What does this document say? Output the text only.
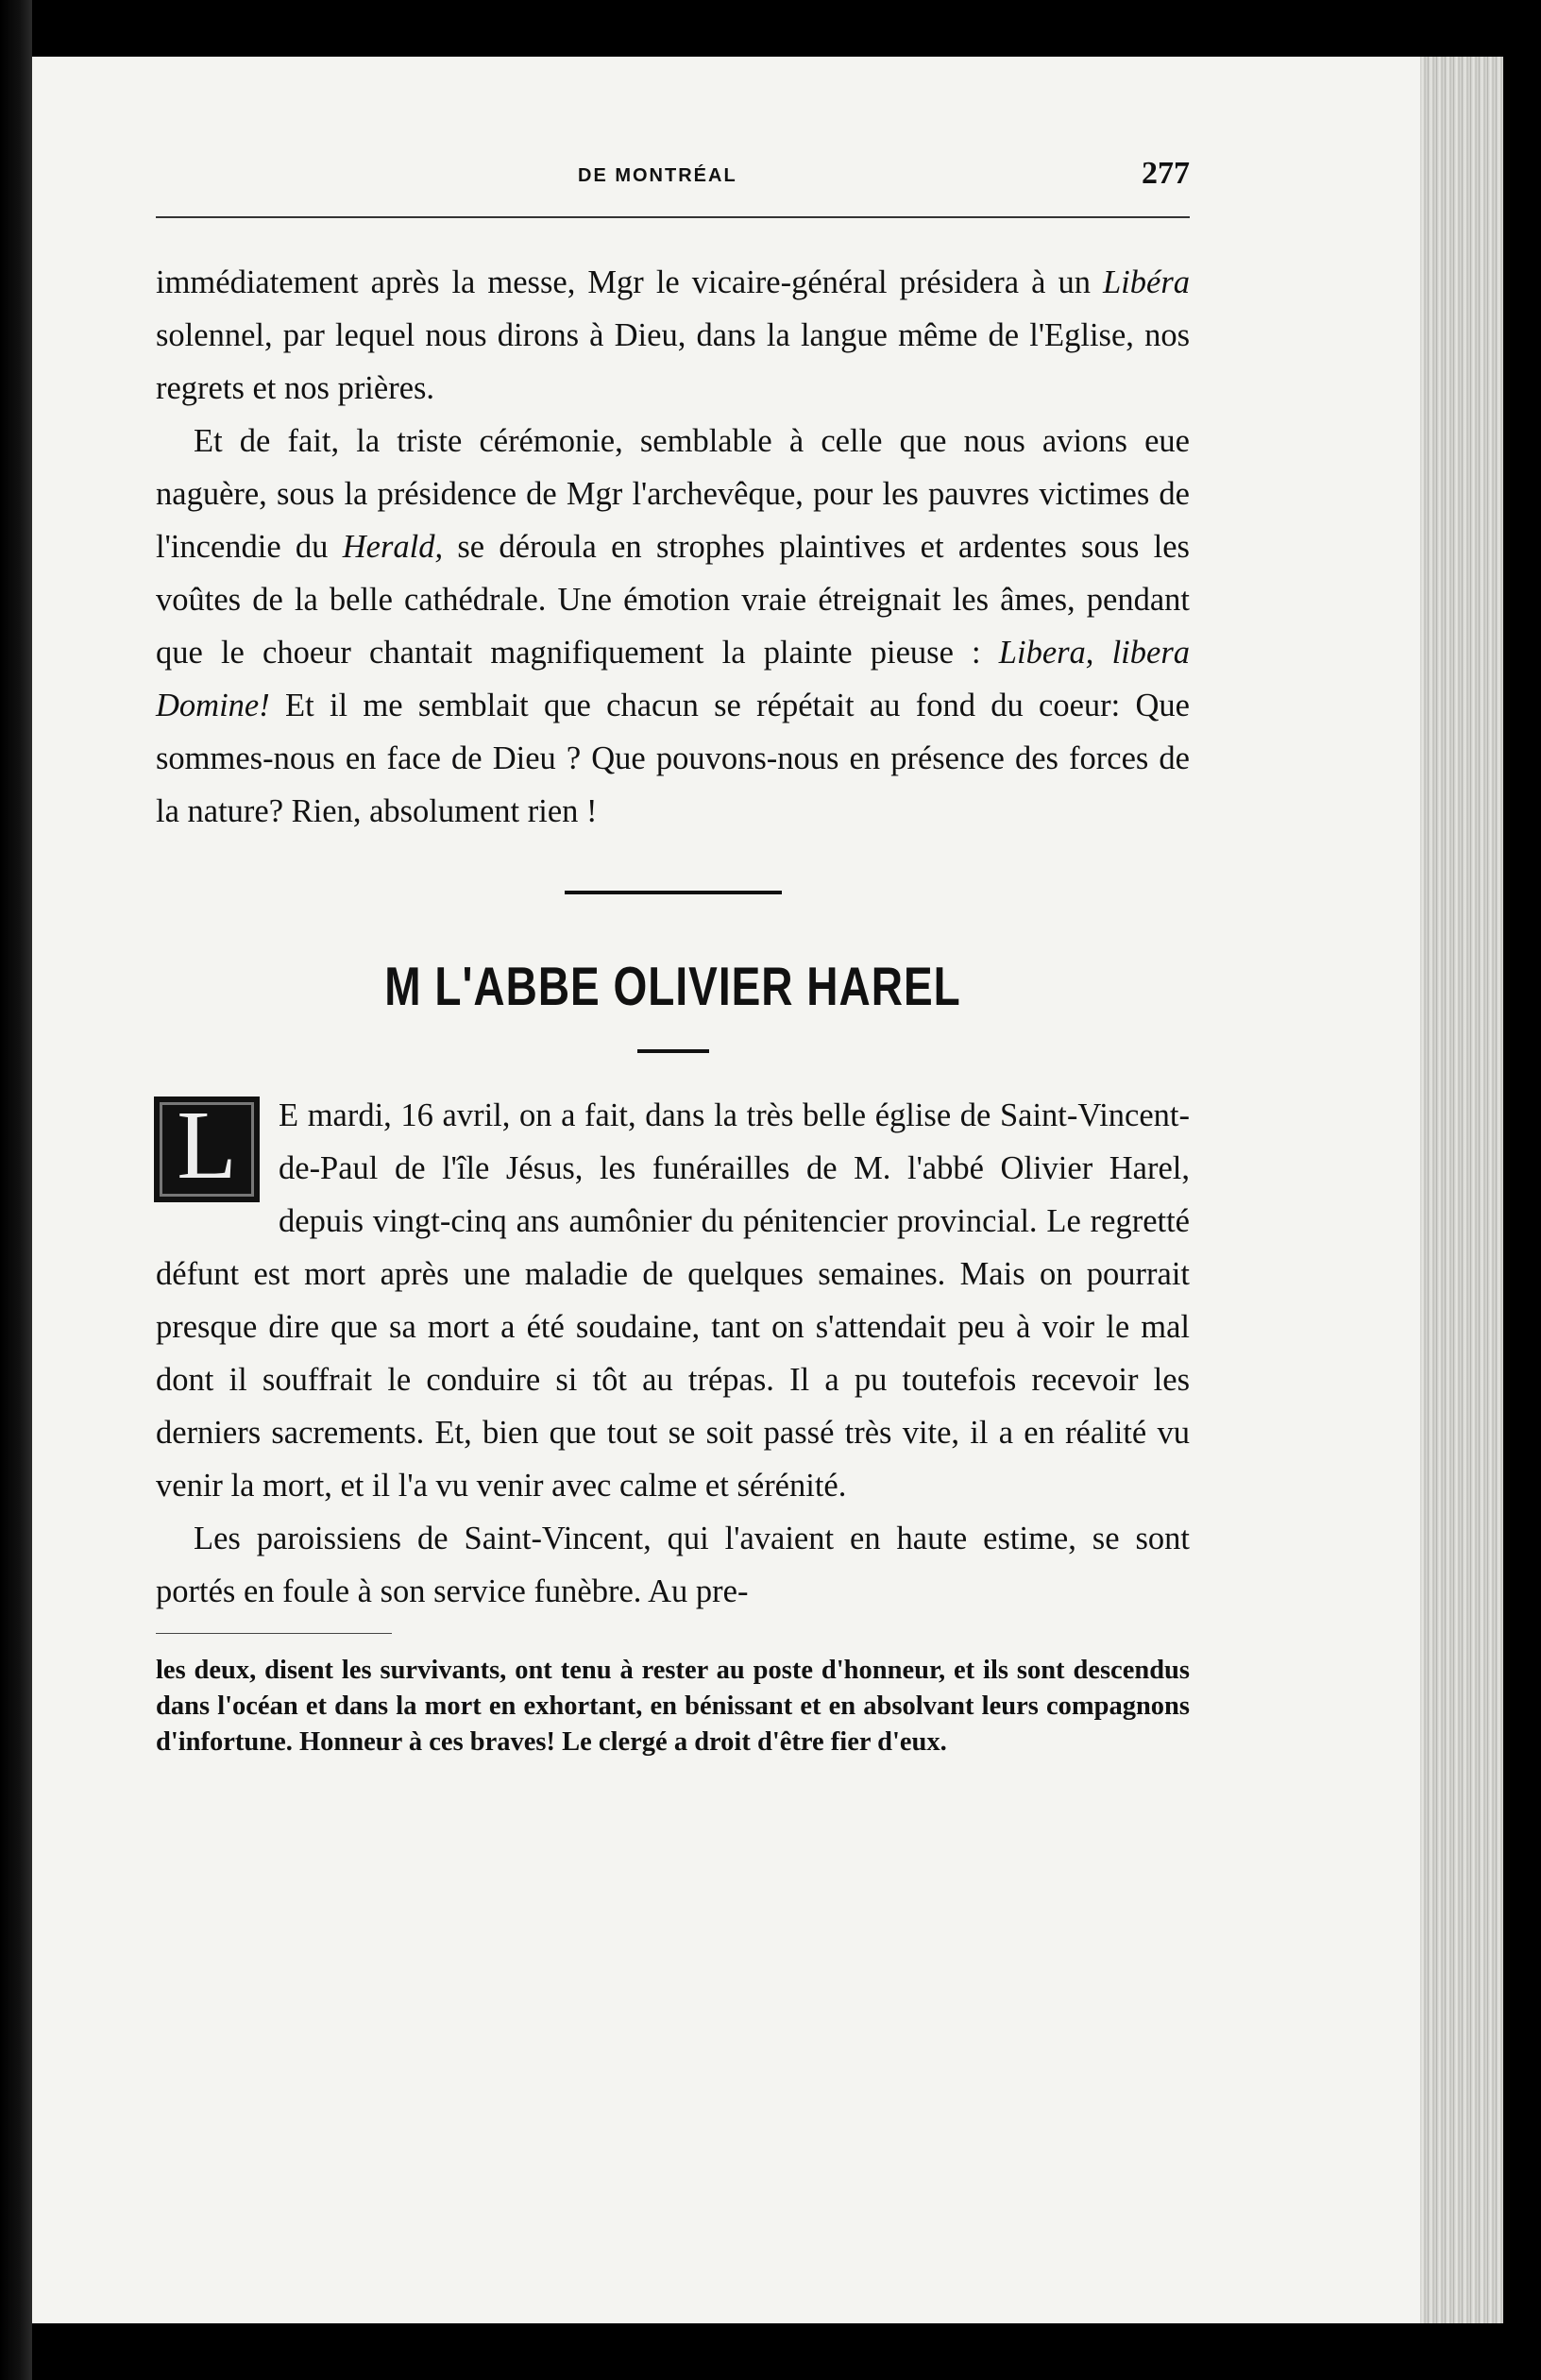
DE MONTRÉAL	277

immédiatement après la messe, Mgr le vicaire-général présidera à un Libéra solennel, par lequel nous dirons à Dieu, dans la langue même de l'Eglise, nos regrets et nos prières.

Et de fait, la triste cérémonie, semblable à celle que nous avions eue naguère, sous la présidence de Mgr l'archevêque, pour les pauvres victimes de l'incendie du Herald, se déroula en strophes plaintives et ardentes sous les voûtes de la belle cathédrale. Une émotion vraie étreignait les âmes, pendant que le choeur chantait magnifiquement la plainte pieuse : Libera, libera Domine! Et il me semblait que chacun se répétait au fond du coeur: Que sommes-nous en face de Dieu ? Que pouvons-nous en présence des forces de la nature? Rien, absolument rien !

M L'ABBE OLIVIER HAREL
L	E mardi, 16 avril, on a fait, dans la très belle église de Saint-Vincent-de-Paul de l'île Jésus, les funérailles de M. l'abbé Olivier Harel, depuis vingt-cinq ans aumônier du pénitencier provincial. Le regretté défunt est mort après une maladie de quelques semaines. Mais on pourrait presque dire que sa mort a été soudaine, tant on s'attendait peu à voir le mal dont il souffrait le conduire si tôt au trépas. Il a pu toutefois recevoir les derniers sacrements. Et, bien que tout se soit passé très vite, il a en réalité vu venir la mort, et il l'a vu venir avec calme et sérénité.

Les paroissiens de Saint-Vincent, qui l'avaient en haute estime, se sont portés en foule à son service funèbre. Au pre-

les deux, disent les survivants, ont tenu à rester au poste d'honneur, et ils sont descendus dans l'océan et dans la mort en exhortant, en bénissant et en absolvant leurs compagnons d'infortune. Honneur à ces braves! Le clergé a droit d'être fier d'eux.
